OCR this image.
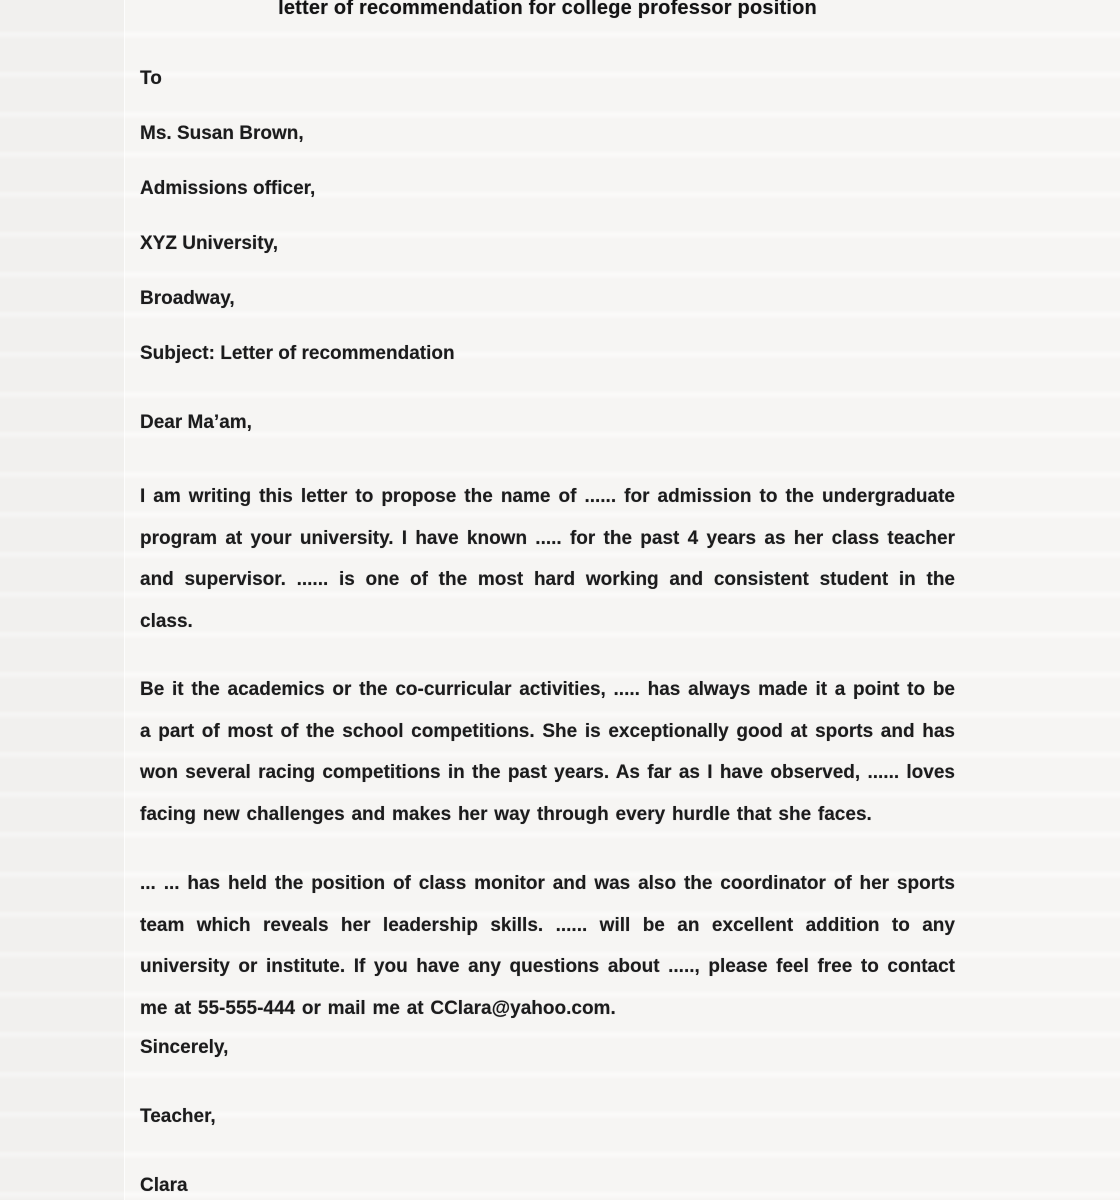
letter of recommendation for college professor position
To
Ms. Susan Brown,
Admissions officer,
XYZ University,
Broadway,
Subject: Letter of recommendation
Dear Ma’am,

I am writing this letter to propose the name of ...... for admission to the undergraduate program at your university. I have known ..... for the past 4 years as her class teacher and supervisor. ...... is one of the most hard working and consistent student in the class.

Be it the academics or the co-curricular activities, ..... has always made it a point to be a part of most of the school competitions. She is exceptionally good at sports and has won several racing competitions in the past years. As far as I have observed, ...... loves facing new challenges and makes her way through every hurdle that she faces.

... ... has held the position of class monitor and was also the coordinator of her sports team which reveals her leadership skills. ...... will be an excellent addition to any university or institute. If you have any questions about ....., please feel free to contact me at 55-555-444 or mail me at CClara@yahoo.com.

Sincerely,
Teacher,
Clara
